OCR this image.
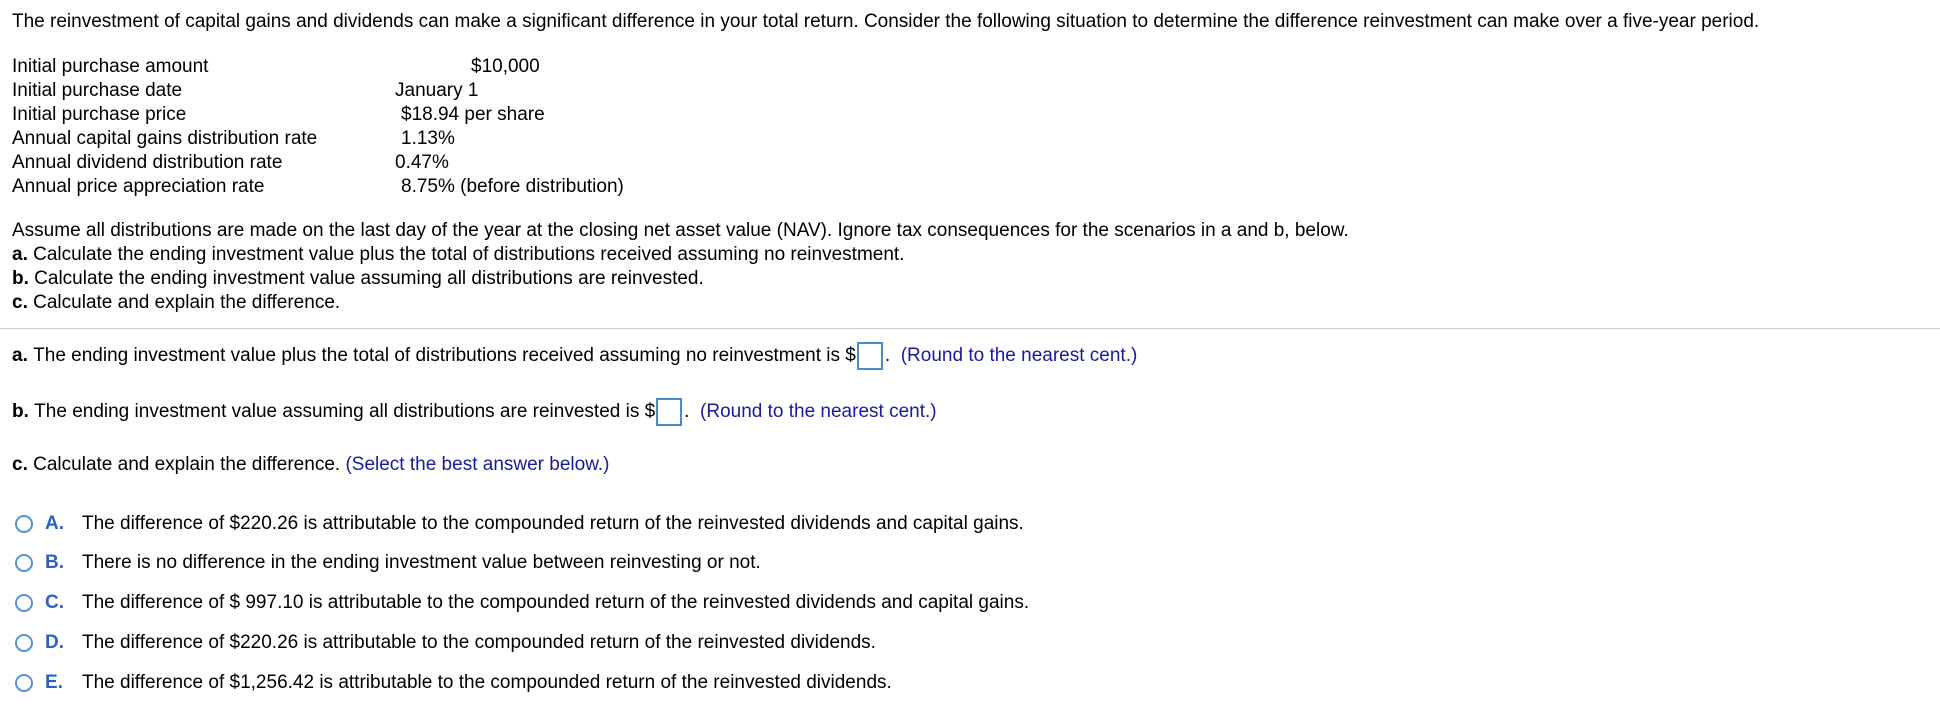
The reinvestment of capital gains and dividends can make a significant difference in your total return. Consider the following situation to determine the difference reinvestment can make over a five-year period.
Initial purchase amount	$10,000
Initial purchase date	January 1
Initial purchase price	$18.94 per share
Annual capital gains distribution rate	1.13%
Annual dividend distribution rate	0.47%
Annual price appreciation rate	8.75% (before distribution)
Assume all distributions are made on the last day of the year at the closing net asset value (NAV). Ignore tax consequences for the scenarios in a and b, below.
a. Calculate the ending investment value plus the total of distributions received assuming no reinvestment.
b. Calculate the ending investment value assuming all distributions are reinvested.
c. Calculate and explain the difference.
a.
The ending investment value plus the total of distributions received assuming no reinvestment is $ .
(Round to the nearest cent.)
b.
The ending investment value assuming all distributions are reinvested is $ .
(Round to the nearest cent.)
c.
Calculate and explain the difference.
(Select the best answer below.)
A. The difference of $220.26 is attributable to the compounded return of the reinvested dividends and capital gains.
B. There is no difference in the ending investment value between reinvesting or not.
C. The difference of $ 997.10 is attributable to the compounded return of the reinvested dividends and capital gains.
D. The difference of $220.26 is attributable to the compounded return of the reinvested dividends.
E.	The difference of $1,256.42 is attributable to the compounded return of the reinvested dividends.
